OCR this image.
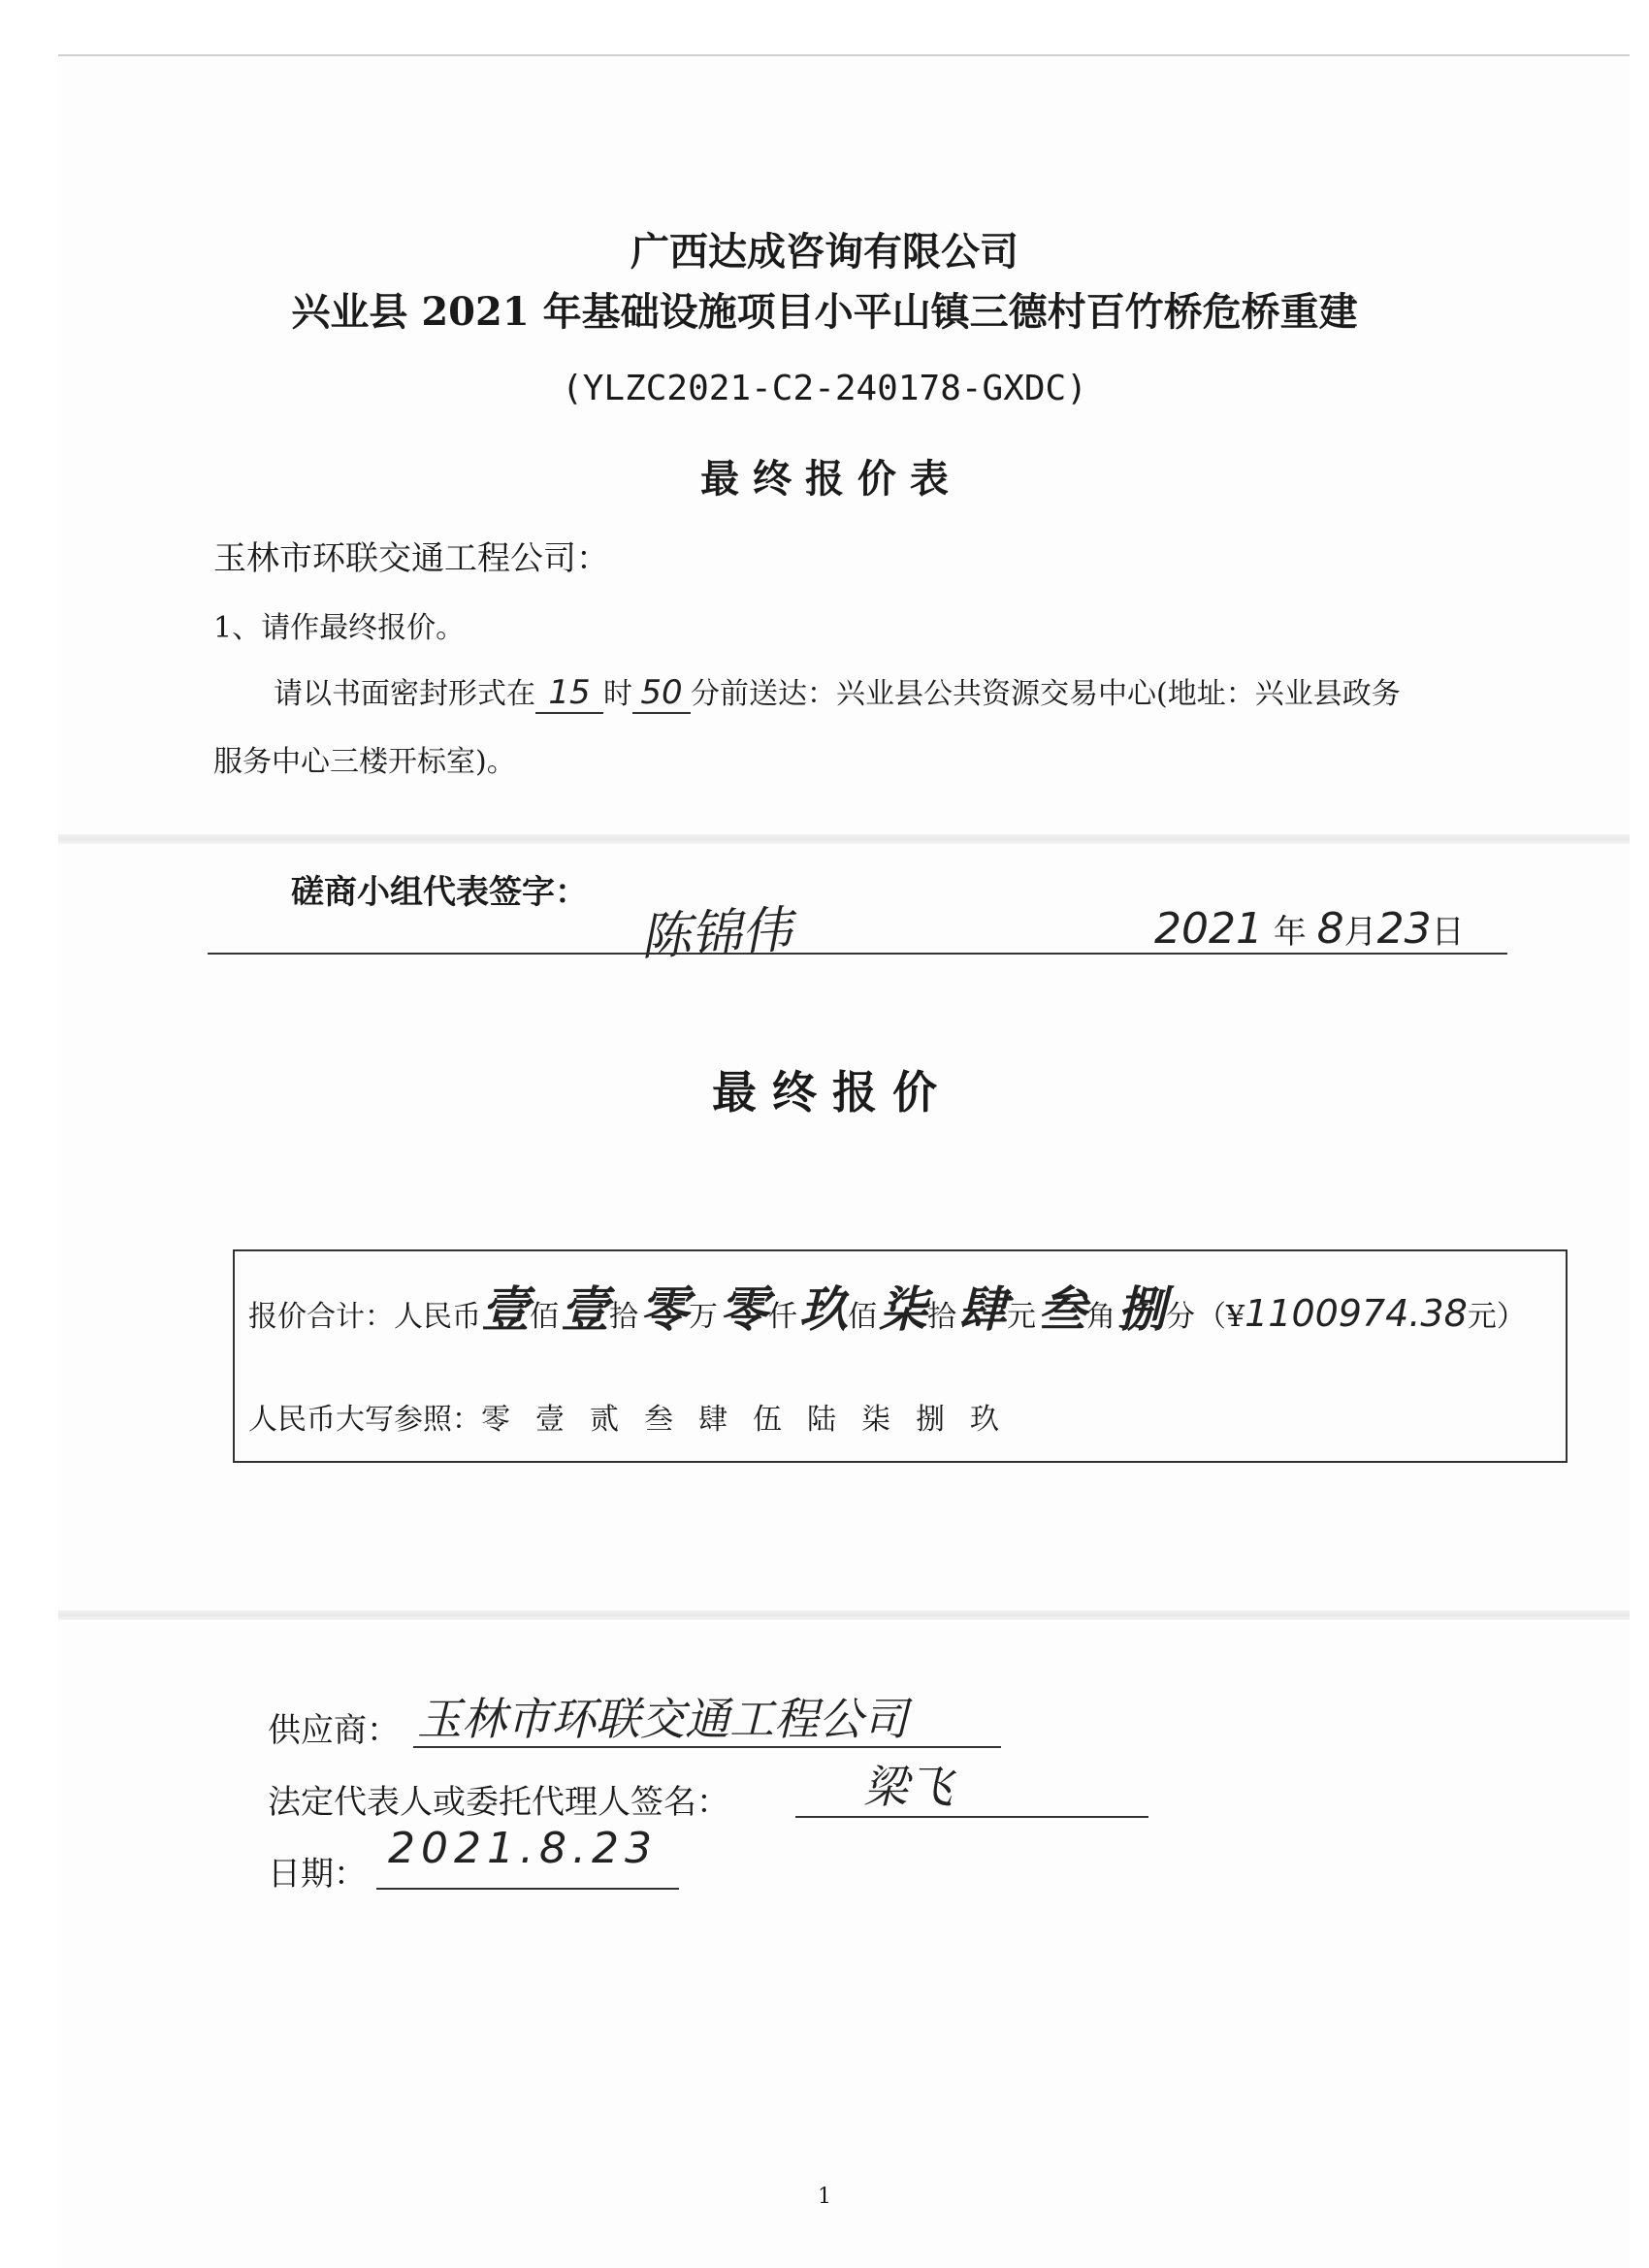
广西达成咨询有限公司
兴业县 2021 年基础设施项目小平山镇三德村百竹桥危桥重建
(YLZC2021-C2-240178-GXDC)
最 终 报 价 表
玉林市环联交通工程公司：
1、请作最终报价。
请以书面密封形式在 15 时 50 分前送达：兴业县公共资源交易中心(地址：兴业县政务
服务中心三楼开标室)。
磋商小组代表签字：
陈锦伟	2021 年 8月23日
最 终 报 价
报价合计：人民币壹佰壹拾零万零仟玖佰柒拾肆元叁角捌分（¥1100974.38元）
人民币大写参照：零 壹 贰 叁 肆 伍 陆 柒 捌 玖
供应商： 玉林市环联交通工程公司
法定代表人或委托代理人签名：	梁飞
日期：
2021.8.23
1
